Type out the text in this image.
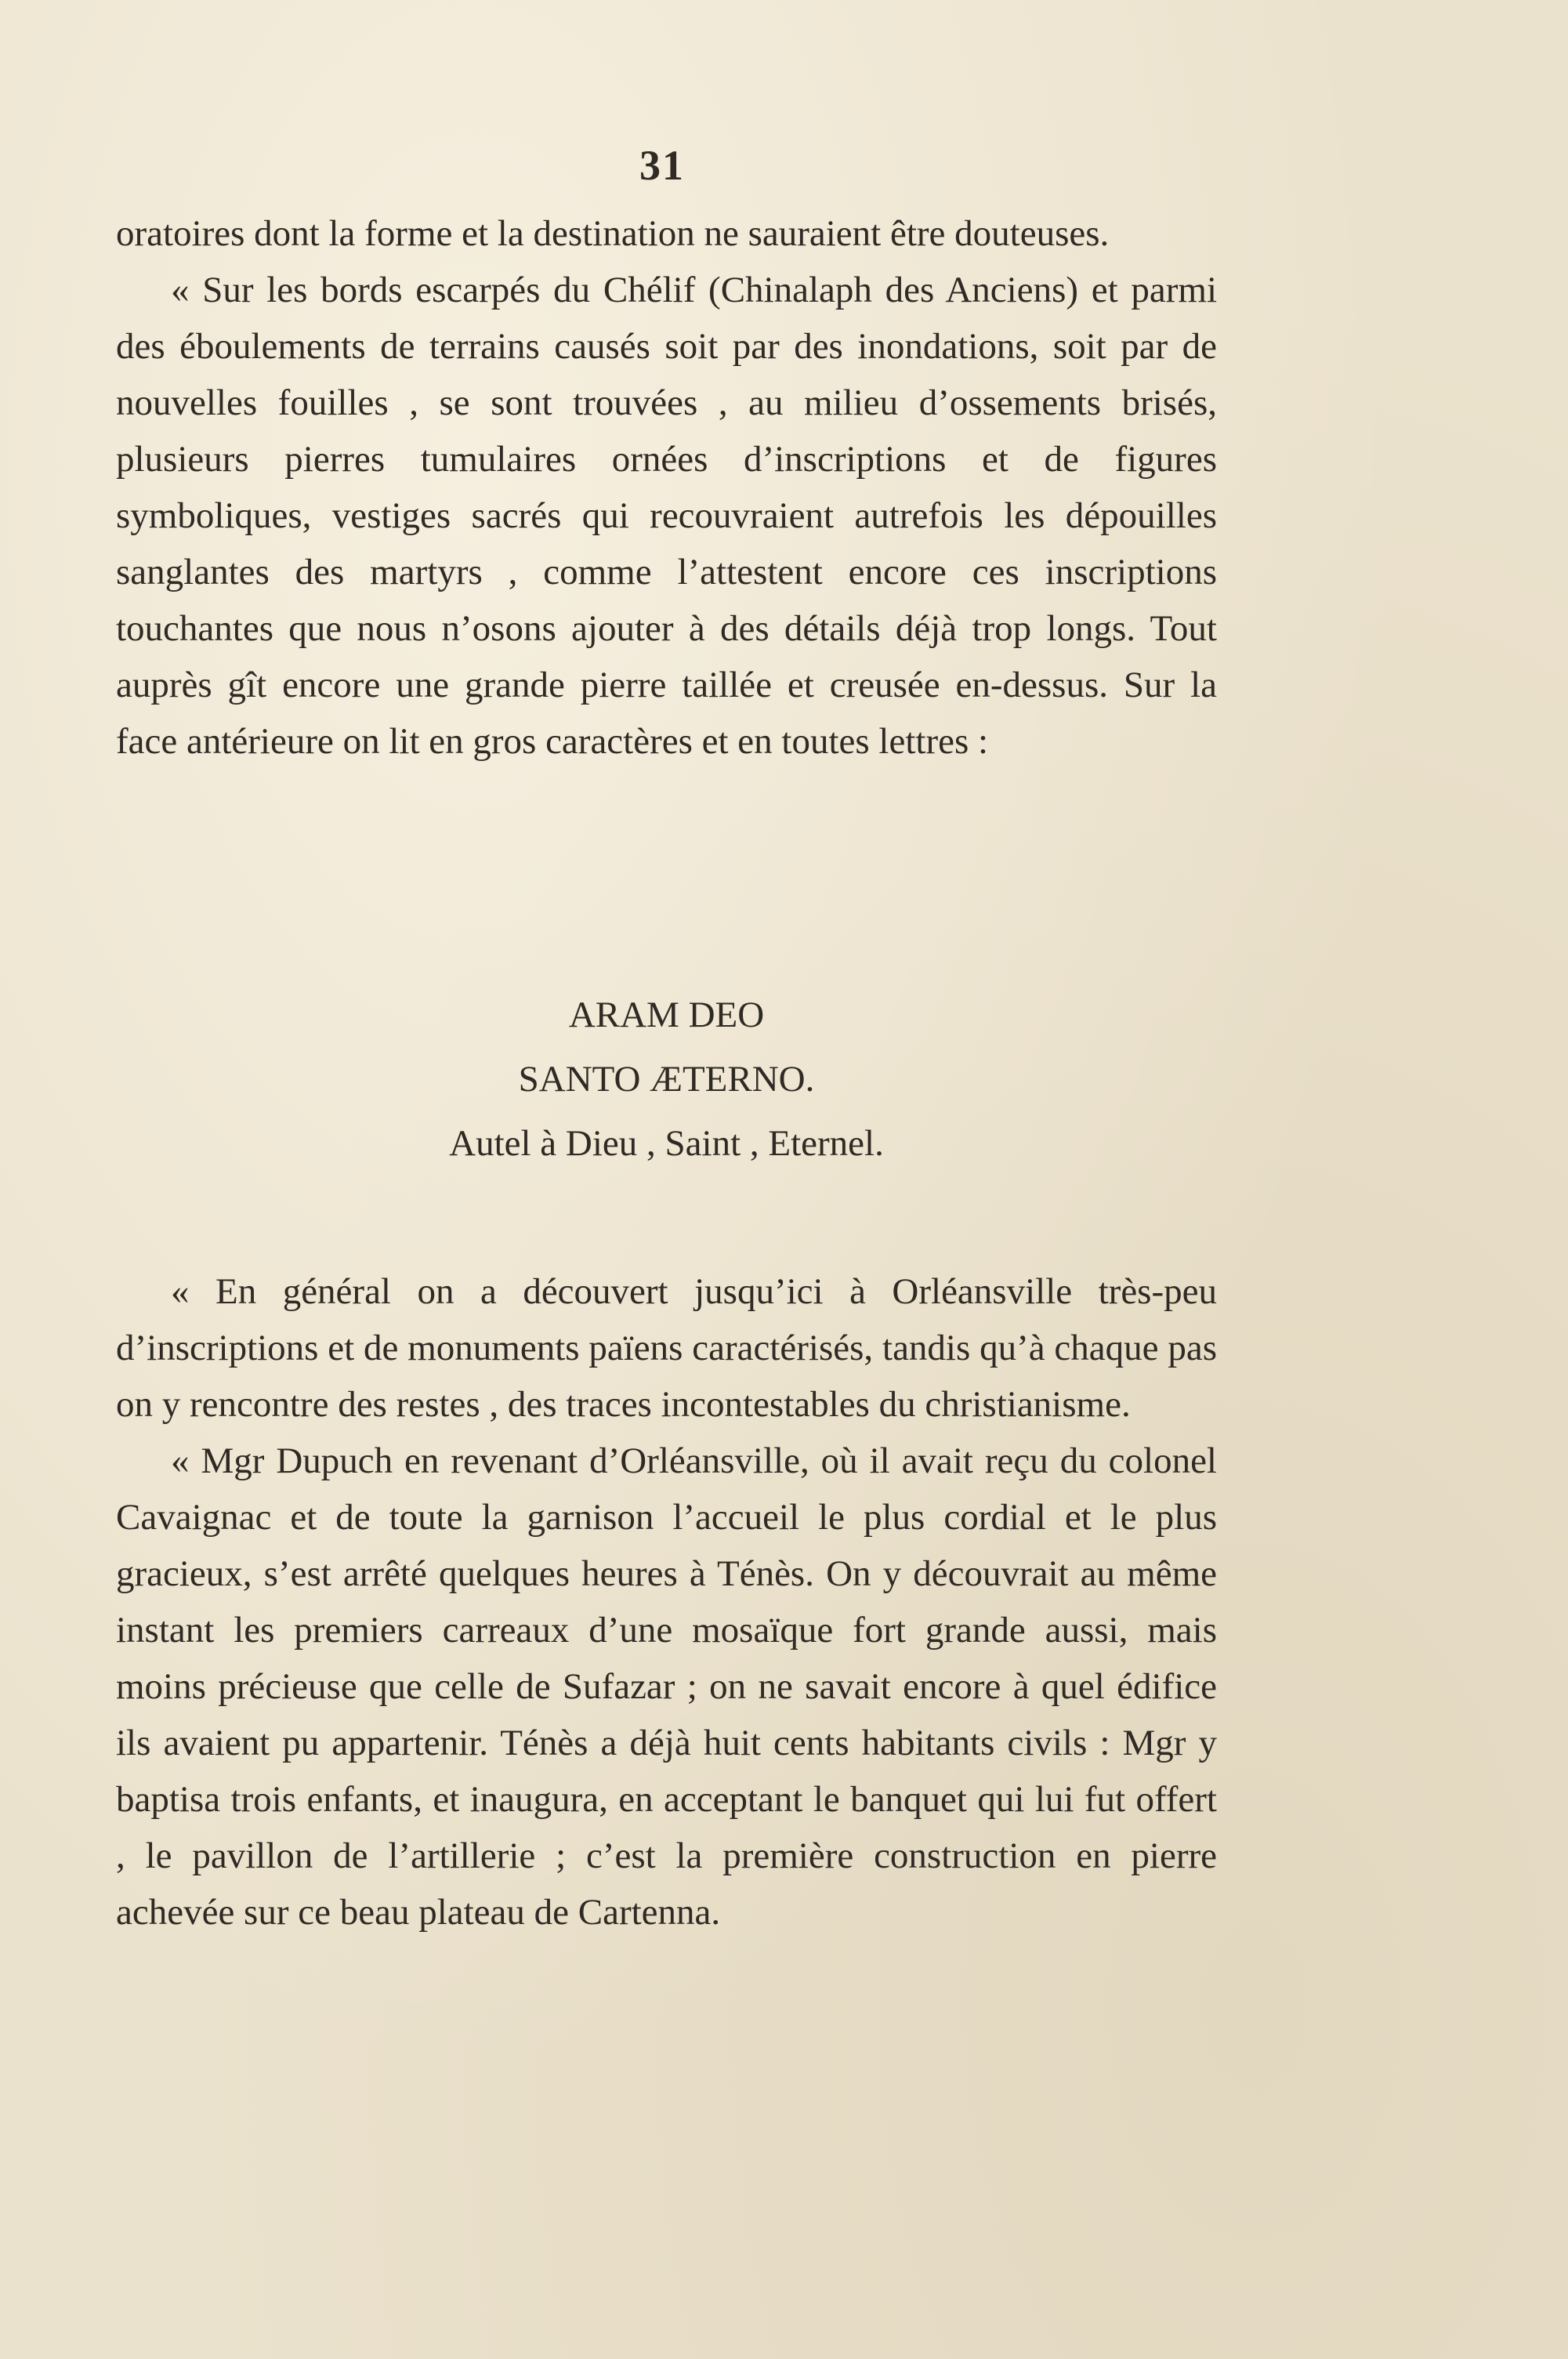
31

oratoires dont la forme et la destination ne sauraient être douteuses.

« Sur les bords escarpés du Chélif (Chinalaph des Anciens) et parmi des éboulements de terrains causés soit par des inondations, soit par de nouvelles fouilles , se sont trouvées , au milieu d’ossements brisés, plusieurs pierres tumulaires ornées d’inscriptions et de figures symboliques, vestiges sacrés qui recouvraient autrefois les dépouilles sanglantes des martyrs , comme l’attestent encore ces inscriptions touchantes que nous n’osons ajouter à des détails déjà trop longs. Tout auprès gît encore une grande pierre taillée et creusée en-dessus. Sur la face antérieure on lit en gros caractères et en toutes lettres :

ARAM DEO
SANTO ÆTERNO.
Autel à Dieu , Saint , Eternel.

« En général on a découvert jusqu’ici à Orléansville très-peu d’inscriptions et de monuments païens caractérisés, tandis qu’à chaque pas on y rencontre des restes , des traces incontestables du christianisme.

« Mgr Dupuch en revenant d’Orléansville, où il avait reçu du colonel Cavaignac et de toute la garnison l’accueil le plus cordial et le plus gracieux, s’est arrêté quelques heures à Ténès. On y découvrait au même instant les premiers carreaux d’une mosaïque fort grande aussi, mais moins précieuse que celle de Sufazar ; on ne savait encore à quel édifice ils avaient pu appartenir. Ténès a déjà huit cents habitants civils : Mgr y baptisa trois enfants, et inaugura, en acceptant le banquet qui lui fut offert , le pavillon de l’artillerie ; c’est la première construction en pierre achevée sur ce beau plateau de Cartenna.
